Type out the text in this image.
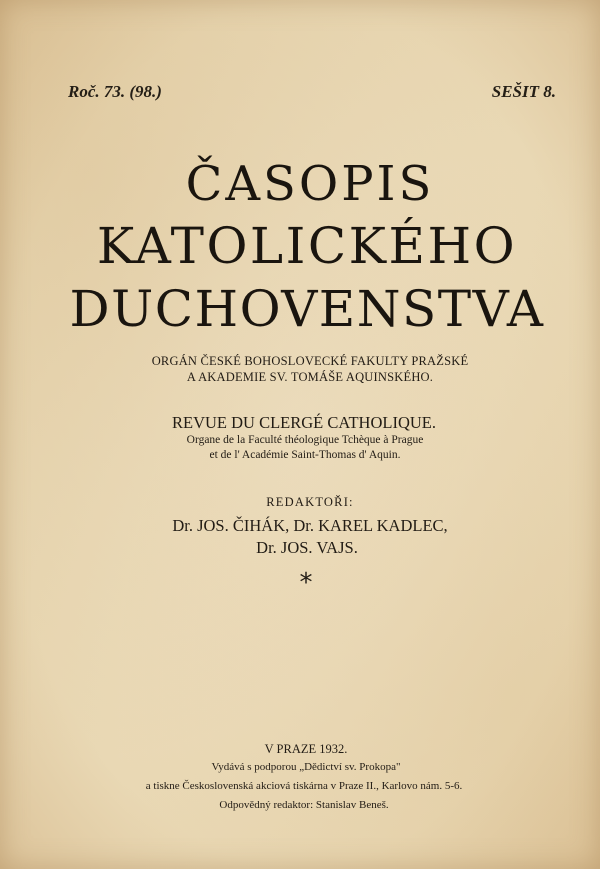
Roč. 73. (98.)	SEŠIT 8.
ČASOPIS
KATOLICKÉHO
DUCHOVENSTVA
ORGÁN ČESKÉ BOHOSLOVECKÉ FAKULTY PRAŽSKÉ
A AKADEMIE SV. TOMÁŠE AQUINSKÉHO.
REVUE DU CLERGÉ CATHOLIQUE.
Organe de la Faculté théologique Tchèque à Prague
et de l' Académie Saint-Thomas d' Aquin.
REDAKTOŘI:
Dr. JOS. ČIHÁK, Dr. KAREL KADLEC,
Dr. JOS. VAJS.
*
V PRAZE 1932.
Vydává s podporou „Dědictví sv. Prokopa"
a tiskne Československá akciová tiskárna v Praze II., Karlovo nám. 5-6.
Odpovědný redaktor: Stanislav Beneš.
